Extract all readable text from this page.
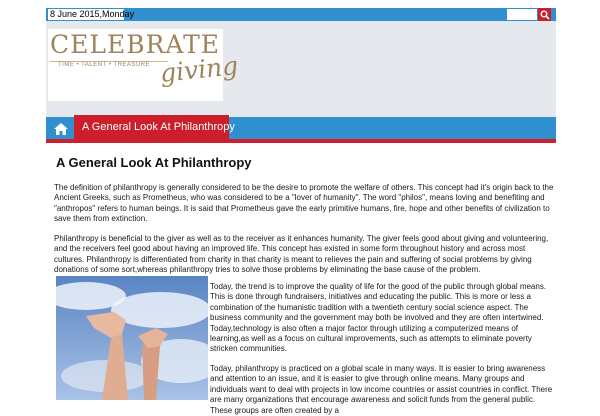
8 June 2015,Monday
CELEBRATE
TIME • TALENT • TREASURE giving
A General Look At Philanthropy
A General Look At Philanthropy

The definition of philanthropy is generally considered to be the desire to promote the welfare of others. This concept had it's origin back to the Ancient Greeks, such as Prometheus, who was considered to be a "lover of humanity". The word "philos", means loving and benefiting and "anthropos" refers to human beings. It is said that Prometheus gave the early primitive humans, fire, hope and other benefits of civilization to save them from extinction.

Philanthropy is beneficial to the giver as well as to the receiver as it enhances humanity. The giver feels good about giving and volunteering, and the receivers feel good about having an improved life. This concept has existed in some form throughout history and across most cultures. Philanthropy is differentiated from charity in that charity is meant to relieves the pain and suffering of social problems by giving donations of some sort,whereas philanthropy tries to solve those problems by eliminating the base cause of the problem.

Today, the trend is to improve the quality of life for the good of the public through global means. This is done through fundraisers, initiatives and educating the public. This is more or less a combination of the humanistic tradition with a twentieth century social science aspect. The business community and the government may both be involved and they are often intertwined. Today,technology is also often a major factor through utilizing a computerized means of learning,as well as a focus on cultural improvements, such as attempts to eliminate poverty stricken communities.

Today, philanthropy is practiced on a global scale in many ways. It is easier to bring awareness and attention to an issue, and it is easier to give through online means. Many groups and individuals want to deal with projects in low income countries or assist countries in conflict. There are many organizations that encourage awareness and solicit funds from the general public. These groups are often created by a
